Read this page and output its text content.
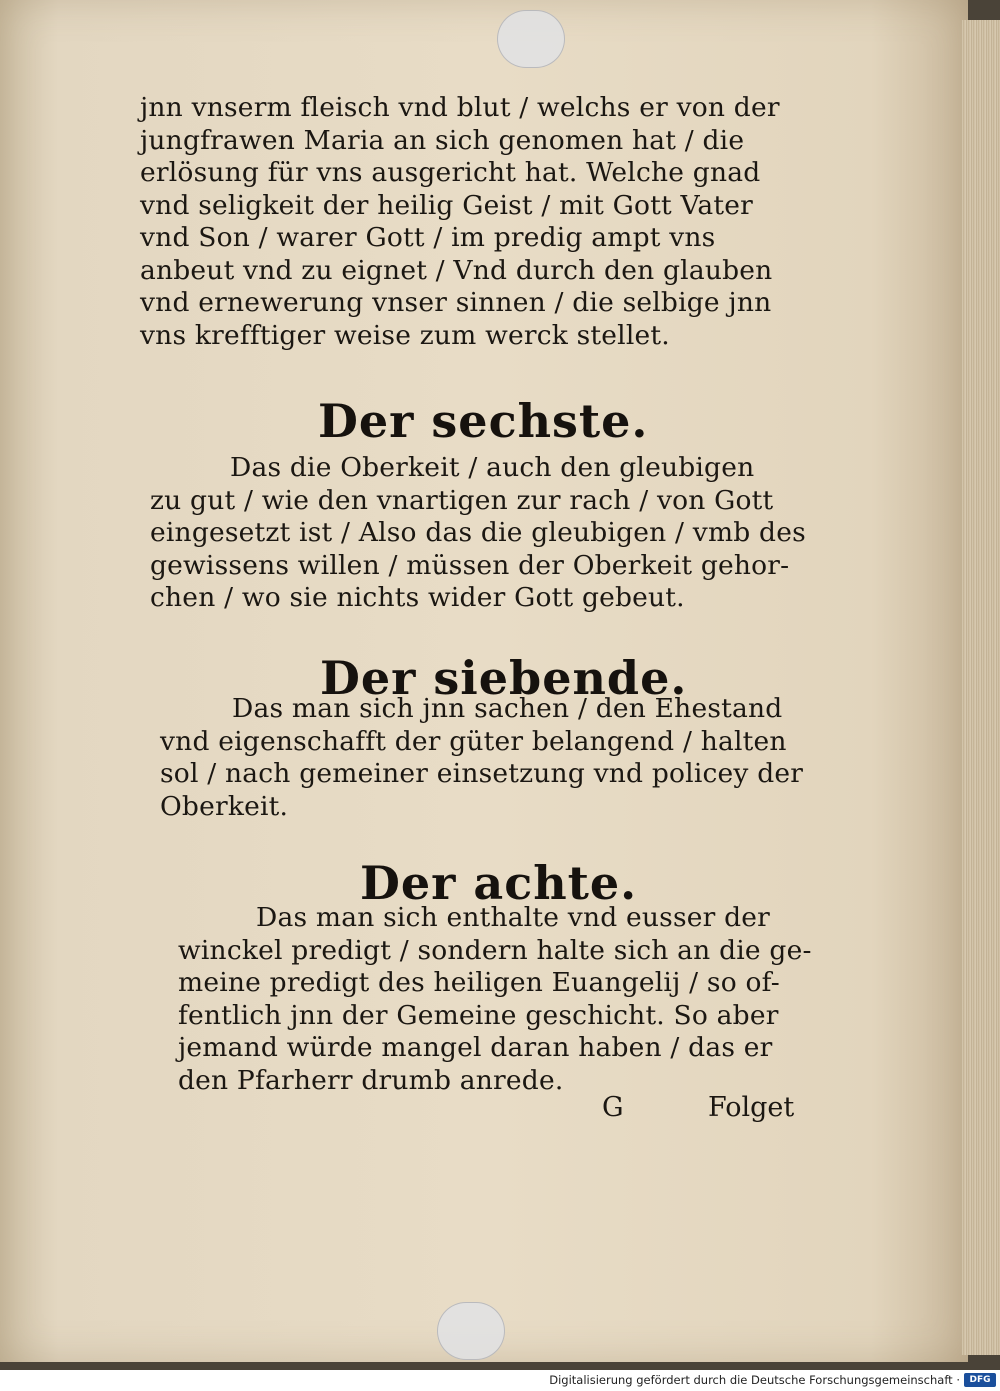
jnn vnserm fleisch vnd blut / welchs er von der
jungfrawen Maria an sich genomen hat / die
erlösung für vns ausgericht hat. Welche gnad
vnd seligkeit der heilig Geist / mit Gott Vater
vnd Son / warer Gott / im predig ampt vns
anbeut vnd zu eignet / Vnd durch den glauben
vnd ernewerung vnser sinnen / die selbige jnn
vns krefftiger weise zum werck stellet.
Der sechste.
Das die Oberkeit / auch den gleubigen
zu gut / wie den vnartigen zur rach / von Gott
eingesetzt ist / Also das die gleubigen / vmb des
gewissens willen / müssen der Oberkeit gehor-
chen / wo sie nichts wider Gott gebeut.
Der siebende.
Das man sich jnn sachen / den Ehestand
vnd eigenschafft der güter belangend / halten
sol / nach gemeiner einsetzung vnd policey der
Oberkeit.
Der achte.
Das man sich enthalte vnd eusser der
winckel predigt / sondern halte sich an die ge-
meine predigt des heiligen Euangelij / so of-
fentlich jnn der Gemeine geschicht. So aber
jemand würde mangel daran haben / das er
den Pfarherr drumb anrede.
G	Folget
Digitalisierung gefördert durch die Deutsche Forschungsgemeinschaft ·	DFG
